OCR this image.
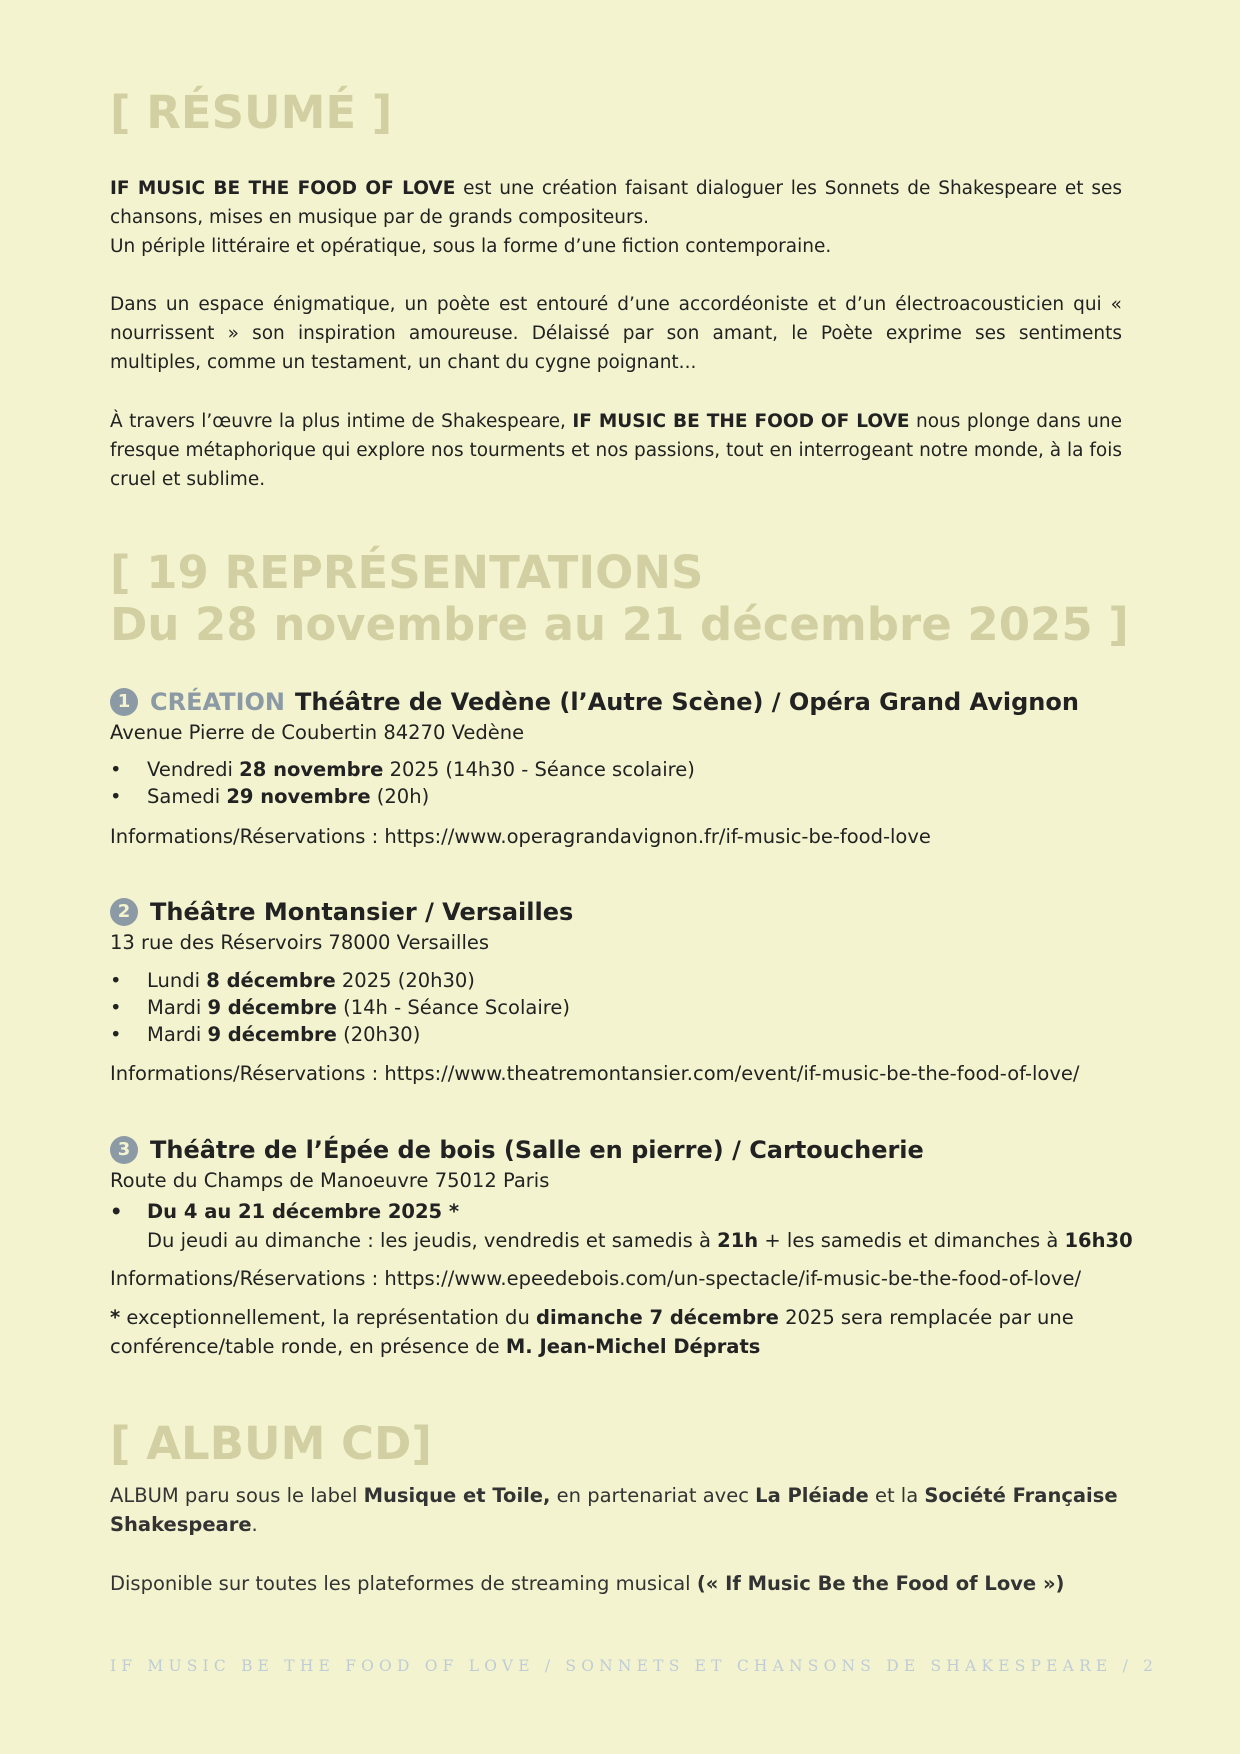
[ RÉSUMÉ ]

IF MUSIC BE THE FOOD OF LOVE est une création faisant dialoguer les Sonnets de Shakespeare et ses chansons, mises en musique par de grands compositeurs.
Un périple littéraire et opératique, sous la forme d’une fiction contemporaine.

Dans un espace énigmatique, un poète est entouré d’une accordéoniste et d’un électroacousticien qui « nourrissent » son inspiration amoureuse. Délaissé par son amant, le Poète exprime ses sentiments multiples, comme un testament, un chant du cygne poignant...

À travers l’œuvre la plus intime de Shakespeare, IF MUSIC BE THE FOOD OF LOVE nous plonge dans une fresque métaphorique qui explore nos tourments et nos passions, tout en interrogeant notre monde, à la fois cruel et sublime.

[ 19 REPRÉSENTATIONS
Du 28 novembre au 21 décembre 2025 ]
1 CRÉATION Théâtre de Vedène (l’Autre Scène) / Opéra Grand Avignon

Avenue Pierre de Coubertin 84270 Vedène

• Vendredi 28 novembre 2025 (14h30 - Séance scolaire)
• Samedi 29 novembre (20h)

Informations/Réservations : https://www.operagrandavignon.fr/if-music-be-food-love

2 Théâtre Montansier / Versailles

13 rue des Réservoirs 78000 Versailles

• Lundi 8 décembre 2025 (20h30)
• Mardi 9 décembre (14h - Séance Scolaire)
• Mardi 9 décembre (20h30)

Informations/Réservations : https://www.theatremontansier.com/event/if-music-be-the-food-of-love/

3 Théâtre de l’Épée de bois (Salle en pierre) / Cartoucherie

Route du Champs de Manoeuvre 75012 Paris

• Du 4 au 21 décembre 2025 *
Du jeudi au dimanche : les jeudis, vendredis et samedis à 21h + les samedis et dimanches à 16h30

Informations/Réservations : https://www.epeedebois.com/un-spectacle/if-music-be-the-food-of-love/

* exceptionnellement, la représentation du dimanche 7 décembre 2025 sera remplacée par une conférence/table ronde, en présence de M. Jean-Michel Déprats

[ ALBUM CD]

ALBUM paru sous le label Musique et Toile, en partenariat avec La Pléiade et la Société Française Shakespeare.

Disponible sur toutes les plateformes de streaming musical (« If Music Be the Food of Love »)

IF MUSIC BE THE FOOD OF LOVE / SONNETS ET CHANSONS DE SHAKESPEARE / 2
